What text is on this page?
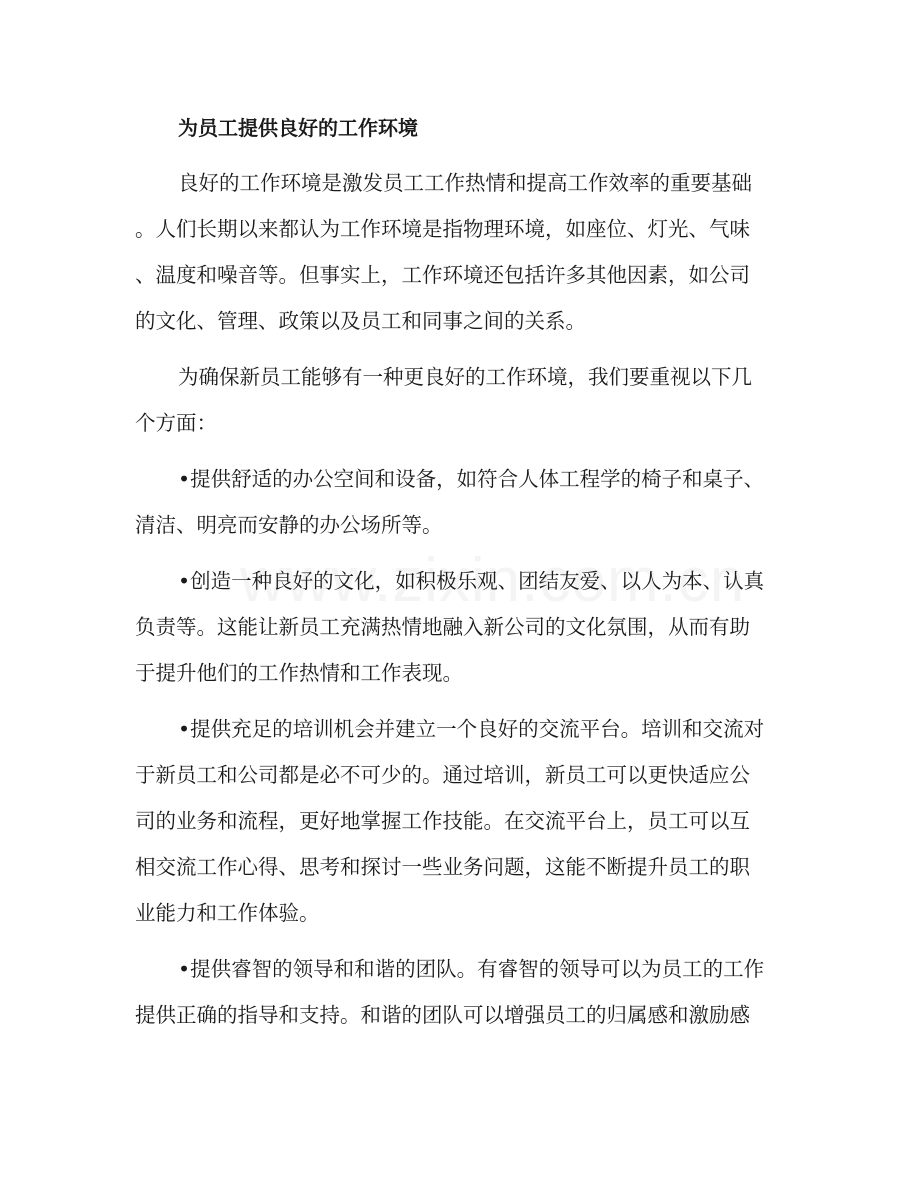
为员工提供良好的工作环境
良好的工作环境是激发员工工作热情和提高工作效率的重要基础
。人们长期以来都认为工作环境是指物理环境，如座位、灯光、气味
、温度和噪音等。但事实上，工作环境还包括许多其他因素，如公司
的文化、管理、政策以及员工和同事之间的关系。
为确保新员工能够有一种更良好的工作环境，我们要重视以下几
个方面：
•提供舒适的办公空间和设备，如符合人体工程学的椅子和桌子、
清洁、明亮而安静的办公场所等。
•创造一种良好的文化，如积极乐观、团结友爱、以人为本、认真
负责等。这能让新员工充满热情地融入新公司的文化氛围，从而有助
于提升他们的工作热情和工作表现。
•提供充足的培训机会并建立一个良好的交流平台。培训和交流对
于新员工和公司都是必不可少的。通过培训，新员工可以更快适应公
司的业务和流程，更好地掌握工作技能。在交流平台上，员工可以互
相交流工作心得、思考和探讨一些业务问题，这能不断提升员工的职
业能力和工作体验。
•提供睿智的领导和和谐的团队。有睿智的领导可以为员工的工作
提供正确的指导和支持。和谐的团队可以增强员工的归属感和激励感
